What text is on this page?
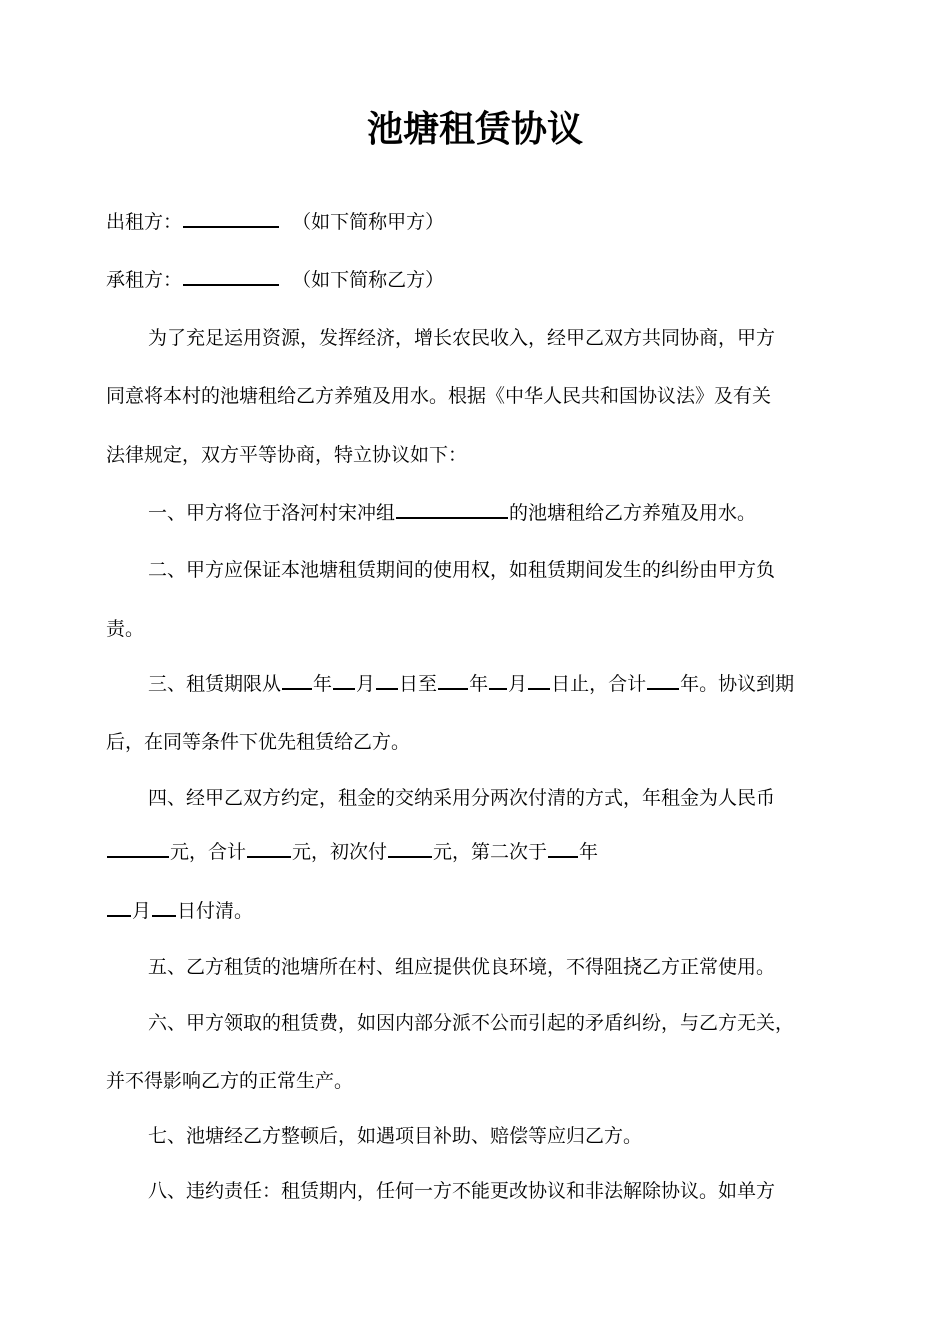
池塘租赁协议
出租方：	（如下简称甲方）
承租方：	（如下简称乙方）
为了充足运用资源，发挥经济，增长农民收入，经甲乙双方共同协商，甲方
同意将本村的池塘租给乙方养殖及用水。根据《中华人民共和国协议法》及有关
法律规定，双方平等协商，特立协议如下：
一、甲方将位于洛河村宋冲组	的池塘租给乙方养殖及用水。
二、甲方应保证本池塘租赁期间的使用权，如租赁期间发生的纠纷由甲方负
责。
三、租赁期限从 年 月 日至 年 月 日止，合计 年。协议到期
后，在同等条件下优先租赁给乙方。
四、经甲乙双方约定，租金的交纳采用分两次付清的方式，年租金为人民币
元，合计 元，初次付 元，第二次于 年
月 日付清。
五、乙方租赁的池塘所在村、组应提供优良环境，不得阻挠乙方正常使用。
六、甲方领取的租赁费，如因内部分派不公而引起的矛盾纠纷，与乙方无关，
并不得影响乙方的正常生产。
七、池塘经乙方整顿后，如遇项目补助、赔偿等应归乙方。
八、违约责任：租赁期内，任何一方不能更改协议和非法解除协议。如单方
